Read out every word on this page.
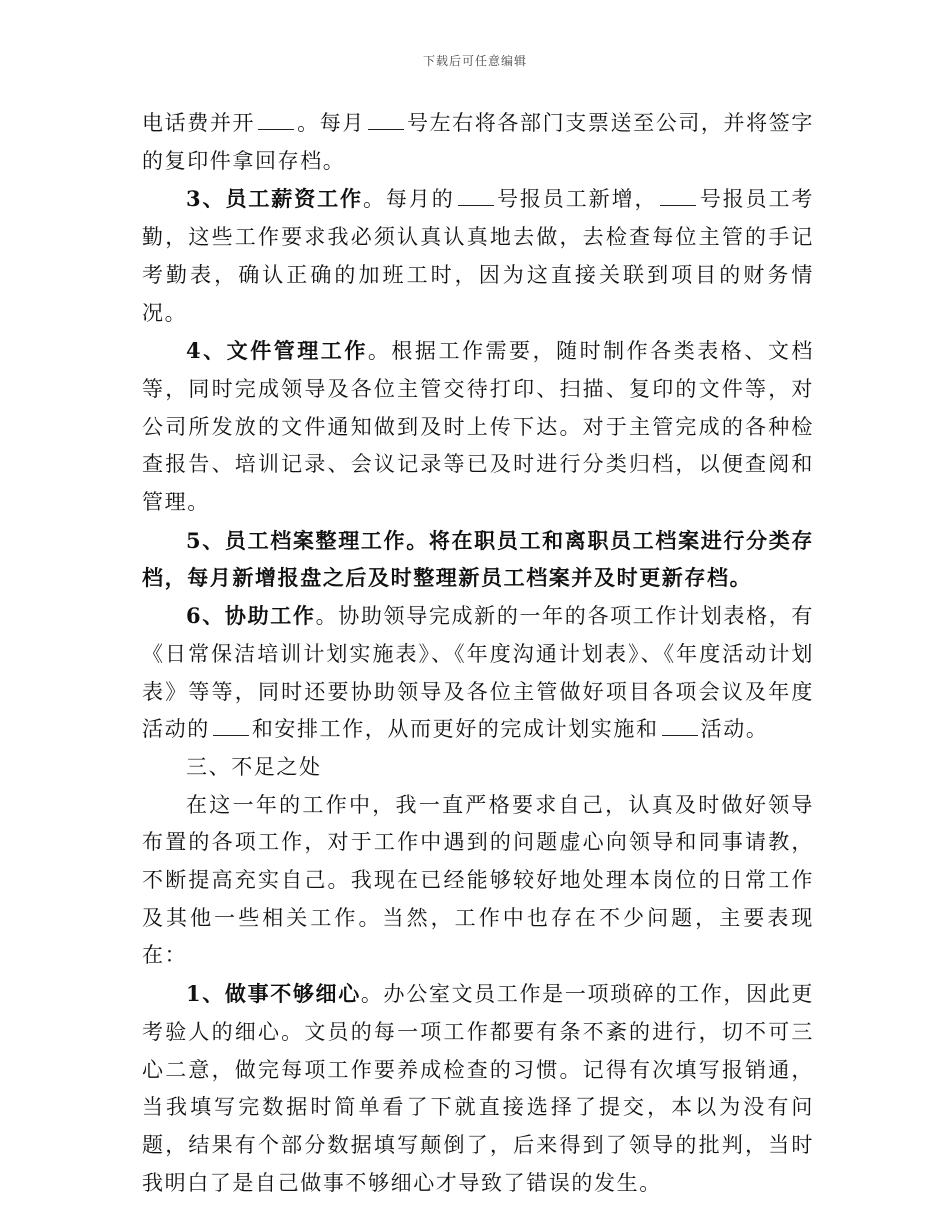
下载后可任意编辑

电话费并开 。每月 号左右将各部门支票送至公司，并将签字的复印件拿回存档。

3、员工薪资工作。每月的 号报员工新增， 号报员工考勤，这些工作要求我必须认真认真地去做，去检查每位主管的手记考勤表，确认正确的加班工时，因为这直接关联到项目的财务情况。

4、文件管理工作。根据工作需要，随时制作各类表格、文档等，同时完成领导及各位主管交待打印、扫描、复印的文件等，对公司所发放的文件通知做到及时上传下达。对于主管完成的各种检查报告、培训记录、会议记录等已及时进行分类归档，以便查阅和管理。

5、员工档案整理工作。将在职员工和离职员工档案进行分类存档，每月新增报盘之后及时整理新员工档案并及时更新存档。

6、协助工作。协助领导完成新的一年的各项工作计划表格，有《日常保洁培训计划实施表》、《年度沟通计划表》、《年度活动计划表》等等，同时还要协助领导及各位主管做好项目各项会议及年度活动的 和安排工作，从而更好的完成计划实施和 活动。

三、不足之处

在这一年的工作中，我一直严格要求自己，认真及时做好领导布置的各项工作，对于工作中遇到的问题虚心向领导和同事请教，不断提高充实自己。我现在已经能够较好地处理本岗位的日常工作及其他一些相关工作。当然，工作中也存在不少问题，主要表现在：

1、做事不够细心。办公室文员工作是一项琐碎的工作，因此更考验人的细心。文员的每一项工作都要有条不紊的进行，切不可三心二意，做完每项工作要养成检查的习惯。记得有次填写报销通，当我填写完数据时简单看了下就直接选择了提交，本以为没有问题，结果有个部分数据填写颠倒了，后来得到了领导的批判，当时我明白了是自己做事不够细心才导致了错误的发生。
